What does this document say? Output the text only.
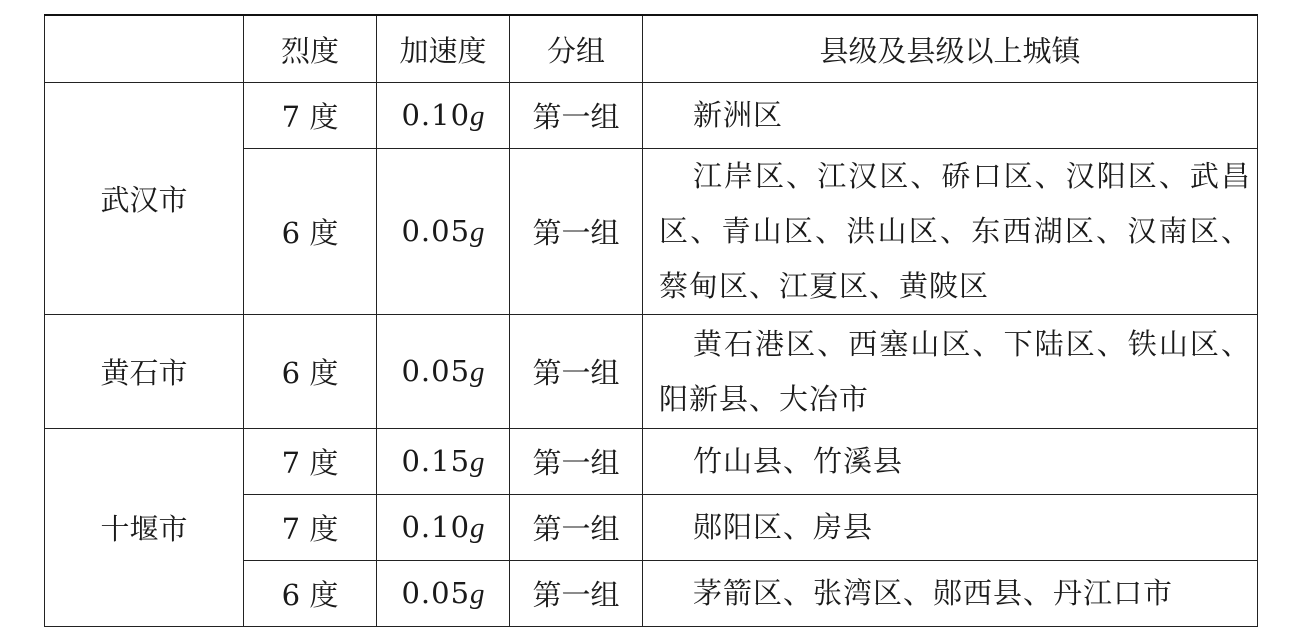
	烈度	加速度	分组	县级及县级以上城镇
武汉市	7 度	0.10g	第一组	新洲区
	6 度	0.05g	第一组	江岸区、江汉区、硚口区、汉阳区、武昌区、青山区、洪山区、东西湖区、汉南区、蔡甸区、江夏区、黄陂区
黄石市	6 度	0.05g	第一组	黄石港区、西塞山区、下陆区、铁山区、阳新县、大冶市
十堰市	7 度	0.15g	第一组	竹山县、竹溪县
	7 度	0.10g	第一组	郧阳区、房县
	6 度	0.05g	第一组	茅箭区、张湾区、郧西县、丹江口市
